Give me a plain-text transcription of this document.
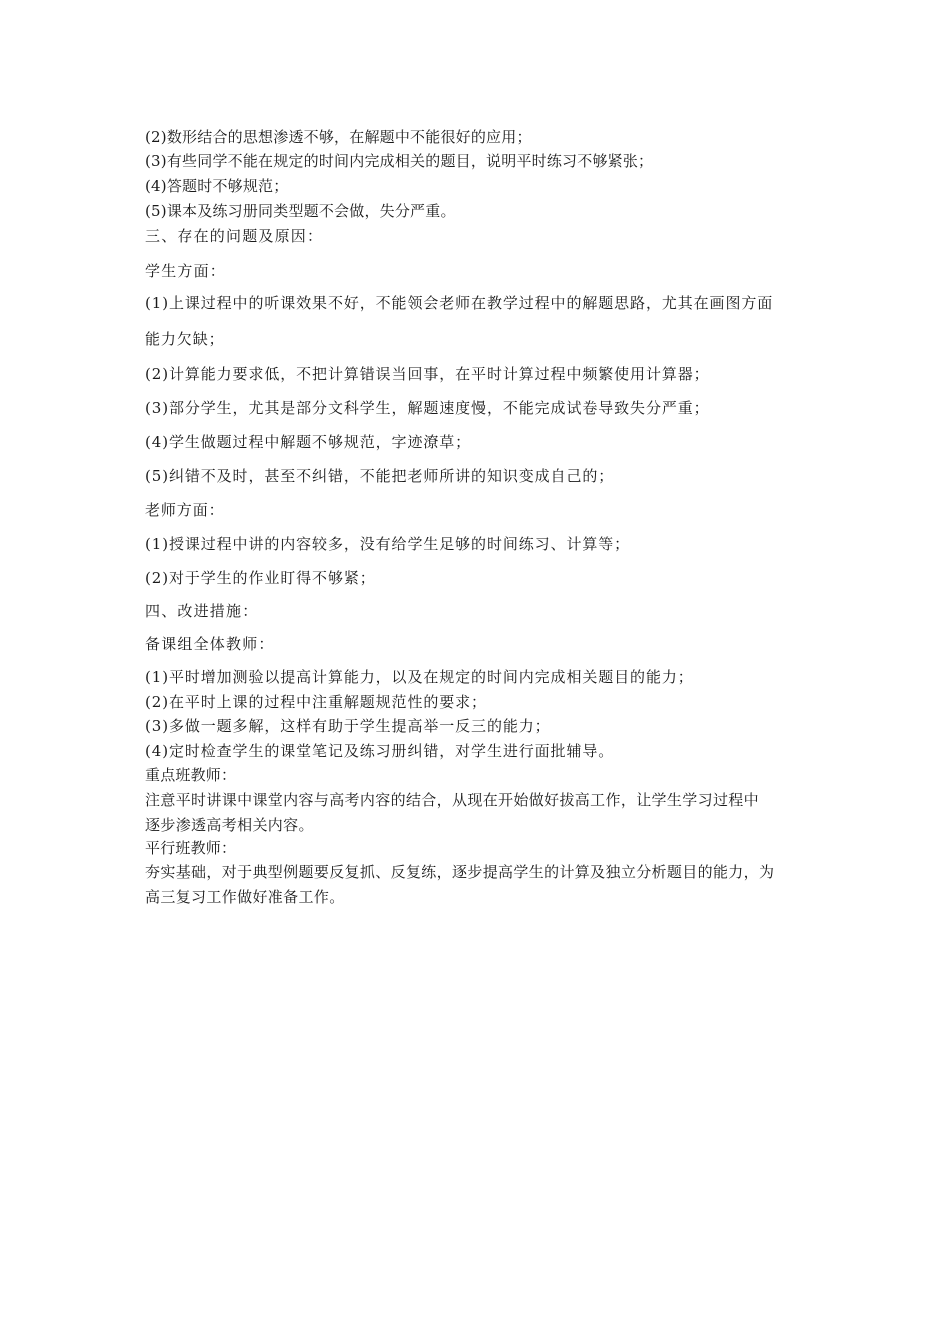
(2)数形结合的思想渗透不够，在解题中不能很好的应用；
(3)有些同学不能在规定的时间内完成相关的题目，说明平时练习不够紧张；
(4)答题时不够规范；
(5)课本及练习册同类型题不会做，失分严重。
三、存在的问题及原因：
学生方面：
(1)上课过程中的听课效果不好，不能领会老师在教学过程中的解题思路，尤其在画图方面
能力欠缺；
(2)计算能力要求低，不把计算错误当回事，在平时计算过程中频繁使用计算器；
(3)部分学生，尤其是部分文科学生，解题速度慢，不能完成试卷导致失分严重；
(4)学生做题过程中解题不够规范，字迹潦草；
(5)纠错不及时，甚至不纠错，不能把老师所讲的知识变成自己的；
老师方面：
(1)授课过程中讲的内容较多，没有给学生足够的时间练习、计算等；
(2)对于学生的作业盯得不够紧；
四、改进措施：
备课组全体教师：
(1)平时增加测验以提高计算能力，以及在规定的时间内完成相关题目的能力；
(2)在平时上课的过程中注重解题规范性的要求；
(3)多做一题多解，这样有助于学生提高举一反三的能力；
(4)定时检查学生的课堂笔记及练习册纠错，对学生进行面批辅导。
重点班教师：
注意平时讲课中课堂内容与高考内容的结合，从现在开始做好拔高工作，让学生学习过程中
逐步渗透高考相关内容。
平行班教师：
夯实基础，对于典型例题要反复抓、反复练，逐步提高学生的计算及独立分析题目的能力，为
高三复习工作做好准备工作。
